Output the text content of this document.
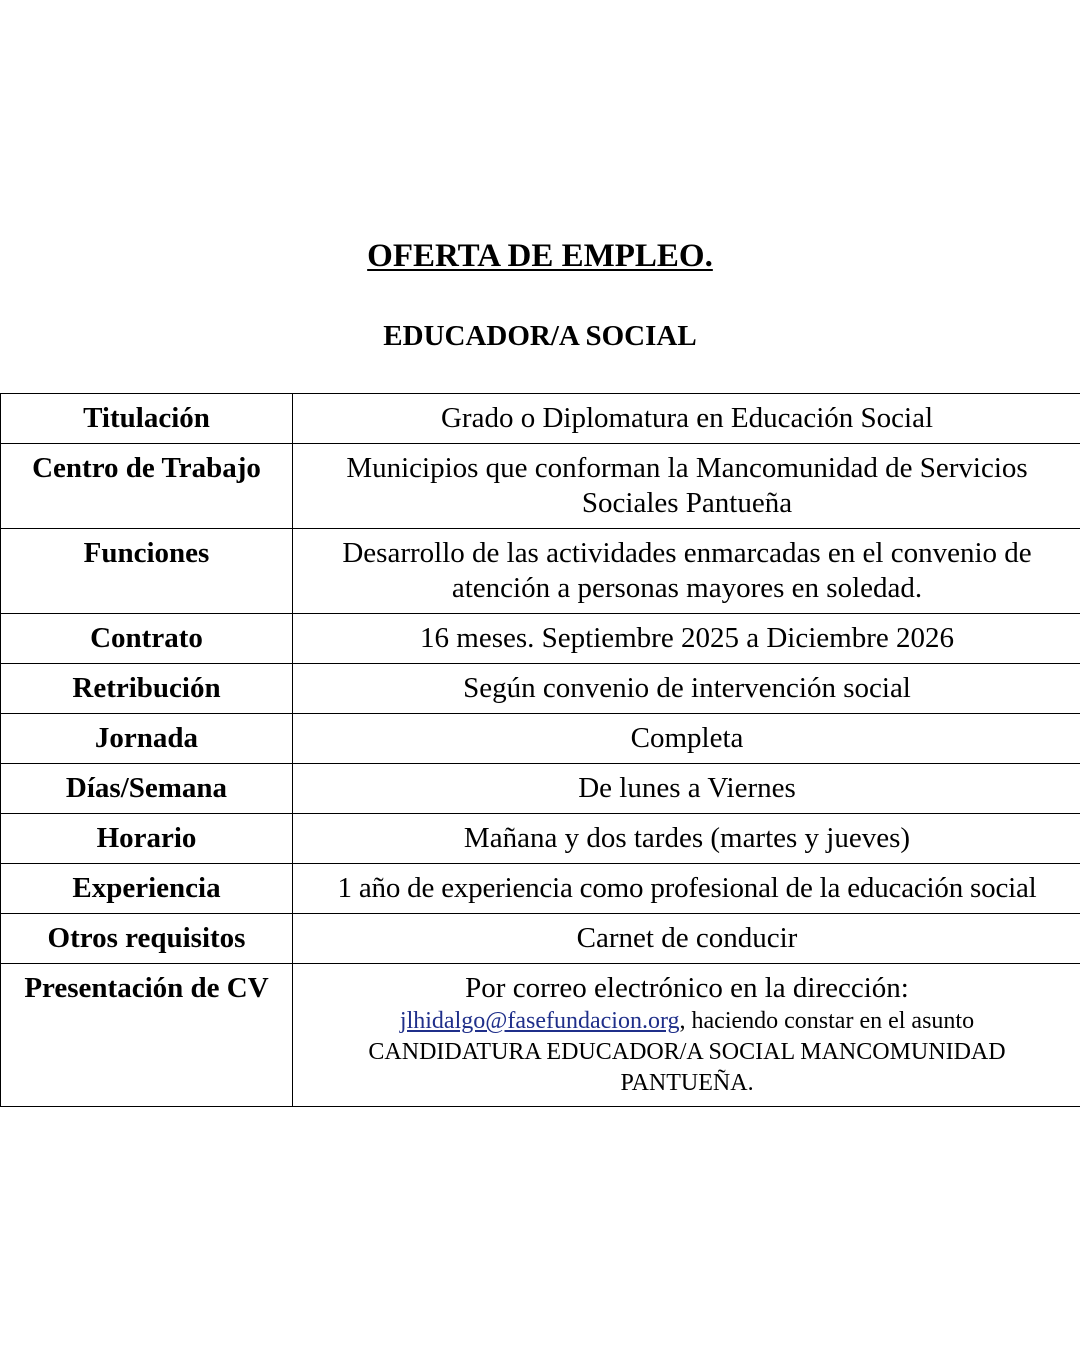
OFERTA DE EMPLEO.
EDUCADOR/A SOCIAL
Titulación	Grado o Diplomatura en Educación Social
Centro de Trabajo	Municipios que conforman la Mancomunidad de Servicios Sociales Pantueña
Funciones	Desarrollo de las actividades enmarcadas en el convenio de atención a personas mayores en soledad.
Contrato	16 meses. Septiembre 2025 a Diciembre 2026
Retribución	Según convenio de intervención social
Jornada	Completa
Días/Semana	De lunes a Viernes
Horario	Mañana y dos tardes (martes y jueves)
Experiencia	1 año de experiencia como profesional de la educación social
Otros requisitos	Carnet de conducir
Presentación de CV	Por correo electrónico en la dirección:
jlhidalgo@fasefundacion.org, haciendo constar en el asunto
CANDIDATURA EDUCADOR/A SOCIAL MANCOMUNIDAD PANTUEÑA.
